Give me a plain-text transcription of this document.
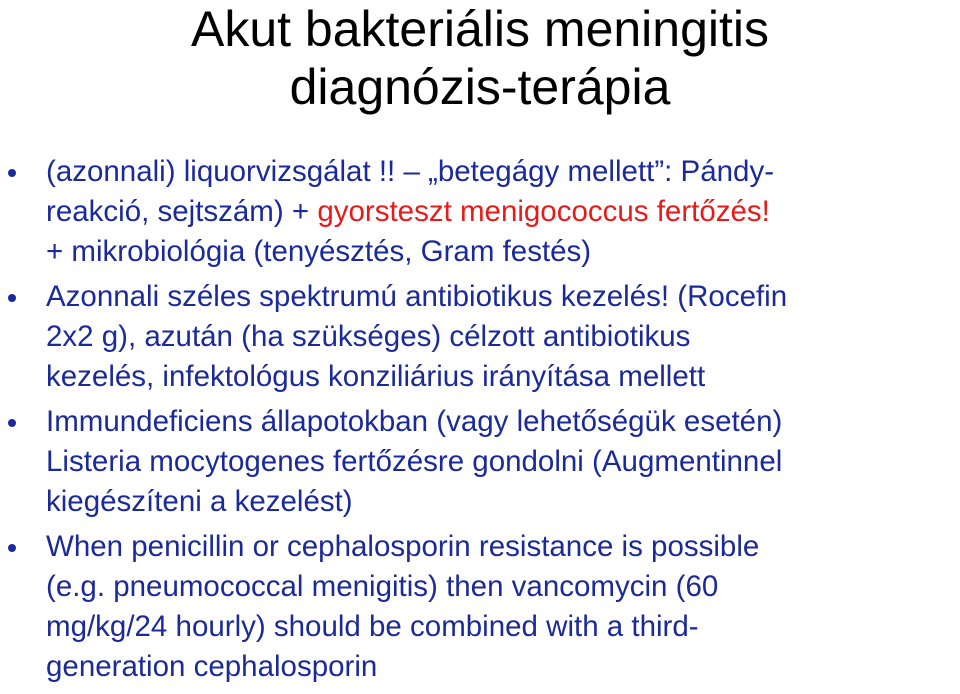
Akut bakteriális meningitis
diagnózis-terápia
(azonnali) liquorvizsgálat !! – „betegágy mellett”: Pándy-
reakció, sejtszám) + gyorsteszt menigococcus fertőzés!
+ mikrobiológia (tenyésztés, Gram festés)
Azonnali széles spektrumú antibiotikus kezelés! (Rocefin
2x2 g), azután (ha szükséges) célzott antibiotikus
kezelés, infektológus konziliárius irányítása mellett
Immundeficiens állapotokban (vagy lehetőségük esetén)
Listeria mocytogenes fertőzésre gondolni (Augmentinnel
kiegészíteni a kezelést)
When penicillin or cephalosporin resistance is possible
(e.g. pneumococcal menigitis) then vancomycin (60
mg/kg/24 hourly) should be combined with a third-
generation cephalosporin
